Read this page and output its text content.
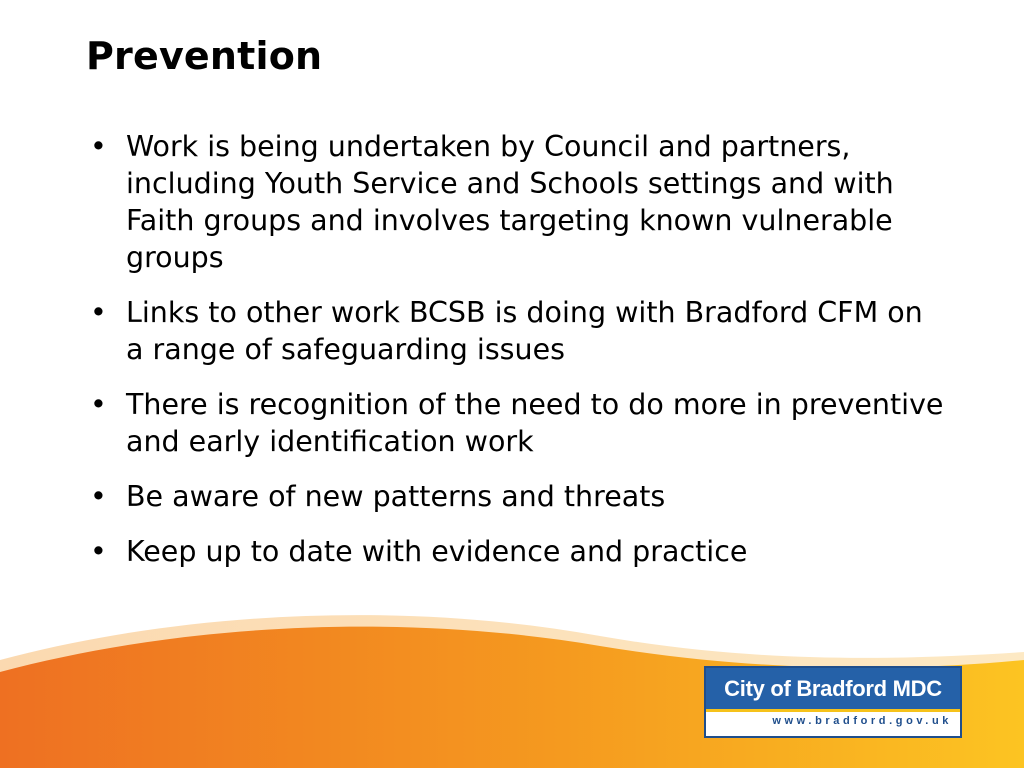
Prevention
• Work is being undertaken by Council and partners, including Youth Service and Schools settings and with Faith groups and involves targeting known vulnerable groups
• Links to other work BCSB is doing with Bradford CFM on a range of safeguarding issues
• There is recognition of the need to do more in preventive and early identification work
• Be aware of new patterns and threats
• Keep up to date with evidence and practice
City of Bradford MDC
www.bradford.gov.uk
